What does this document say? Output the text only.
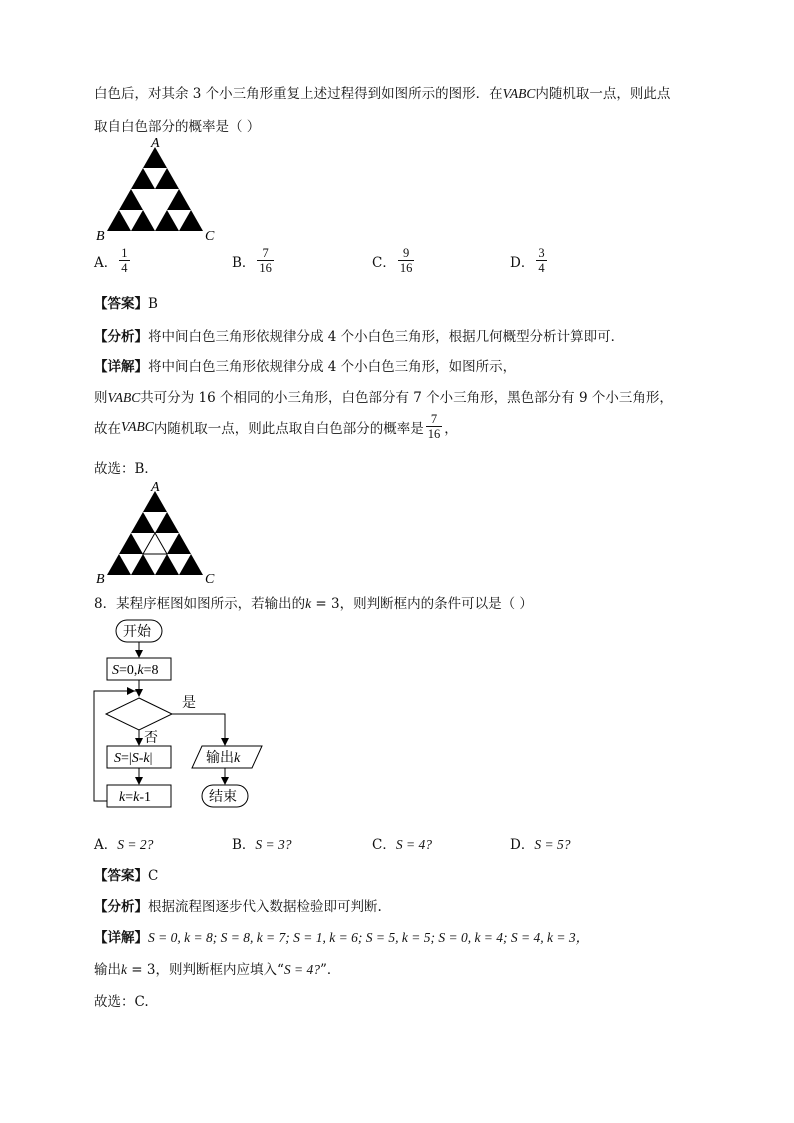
白色后，对其余 3 个小三角形重复上述过程得到如图所示的图形．在VABC内随机取一点，则此点
取自白色部分的概率是（ ）
A
B	C
A． $\frac{1}{4}$	B． $\frac{7}{16}$	C． $\frac{9}{16}$	D． $\frac{3}{4}$
【答案】B
【分析】将中间白色三角形依规律分成 4 个小白色三角形，根据几何概型分析计算即可．
【详解】将中间白色三角形依规律分成 4 个小白色三角形，如图所示，
则VABC共可分为 16 个相同的小三角形，白色部分有 7 个小三角形，黑色部分有 9 个小三角形，
故在 VABC 内随机取一点，则此点取自白色部分的概率是 $\frac{7}{16}$ ，
故选：B．
A
B	C
8．某程序框图如图所示，若输出的k = 3，则判断框内的条件可以是（ ）
开始
S=0,k=8
是
否
S=|S-k|
k=k-1
输出k
结束
A．S = 2?	B．S = 3?	C．S = 4?	D．S = 5?
【答案】C
【分析】根据流程图逐步代入数据检验即可判断.
【详解】S = 0, k = 8; S = 8, k = 7; S = 1, k = 6; S = 5, k = 5; S = 0, k = 4; S = 4, k = 3，
输出k = 3，则判断框内应填入“S = 4?”．
故选：C.
